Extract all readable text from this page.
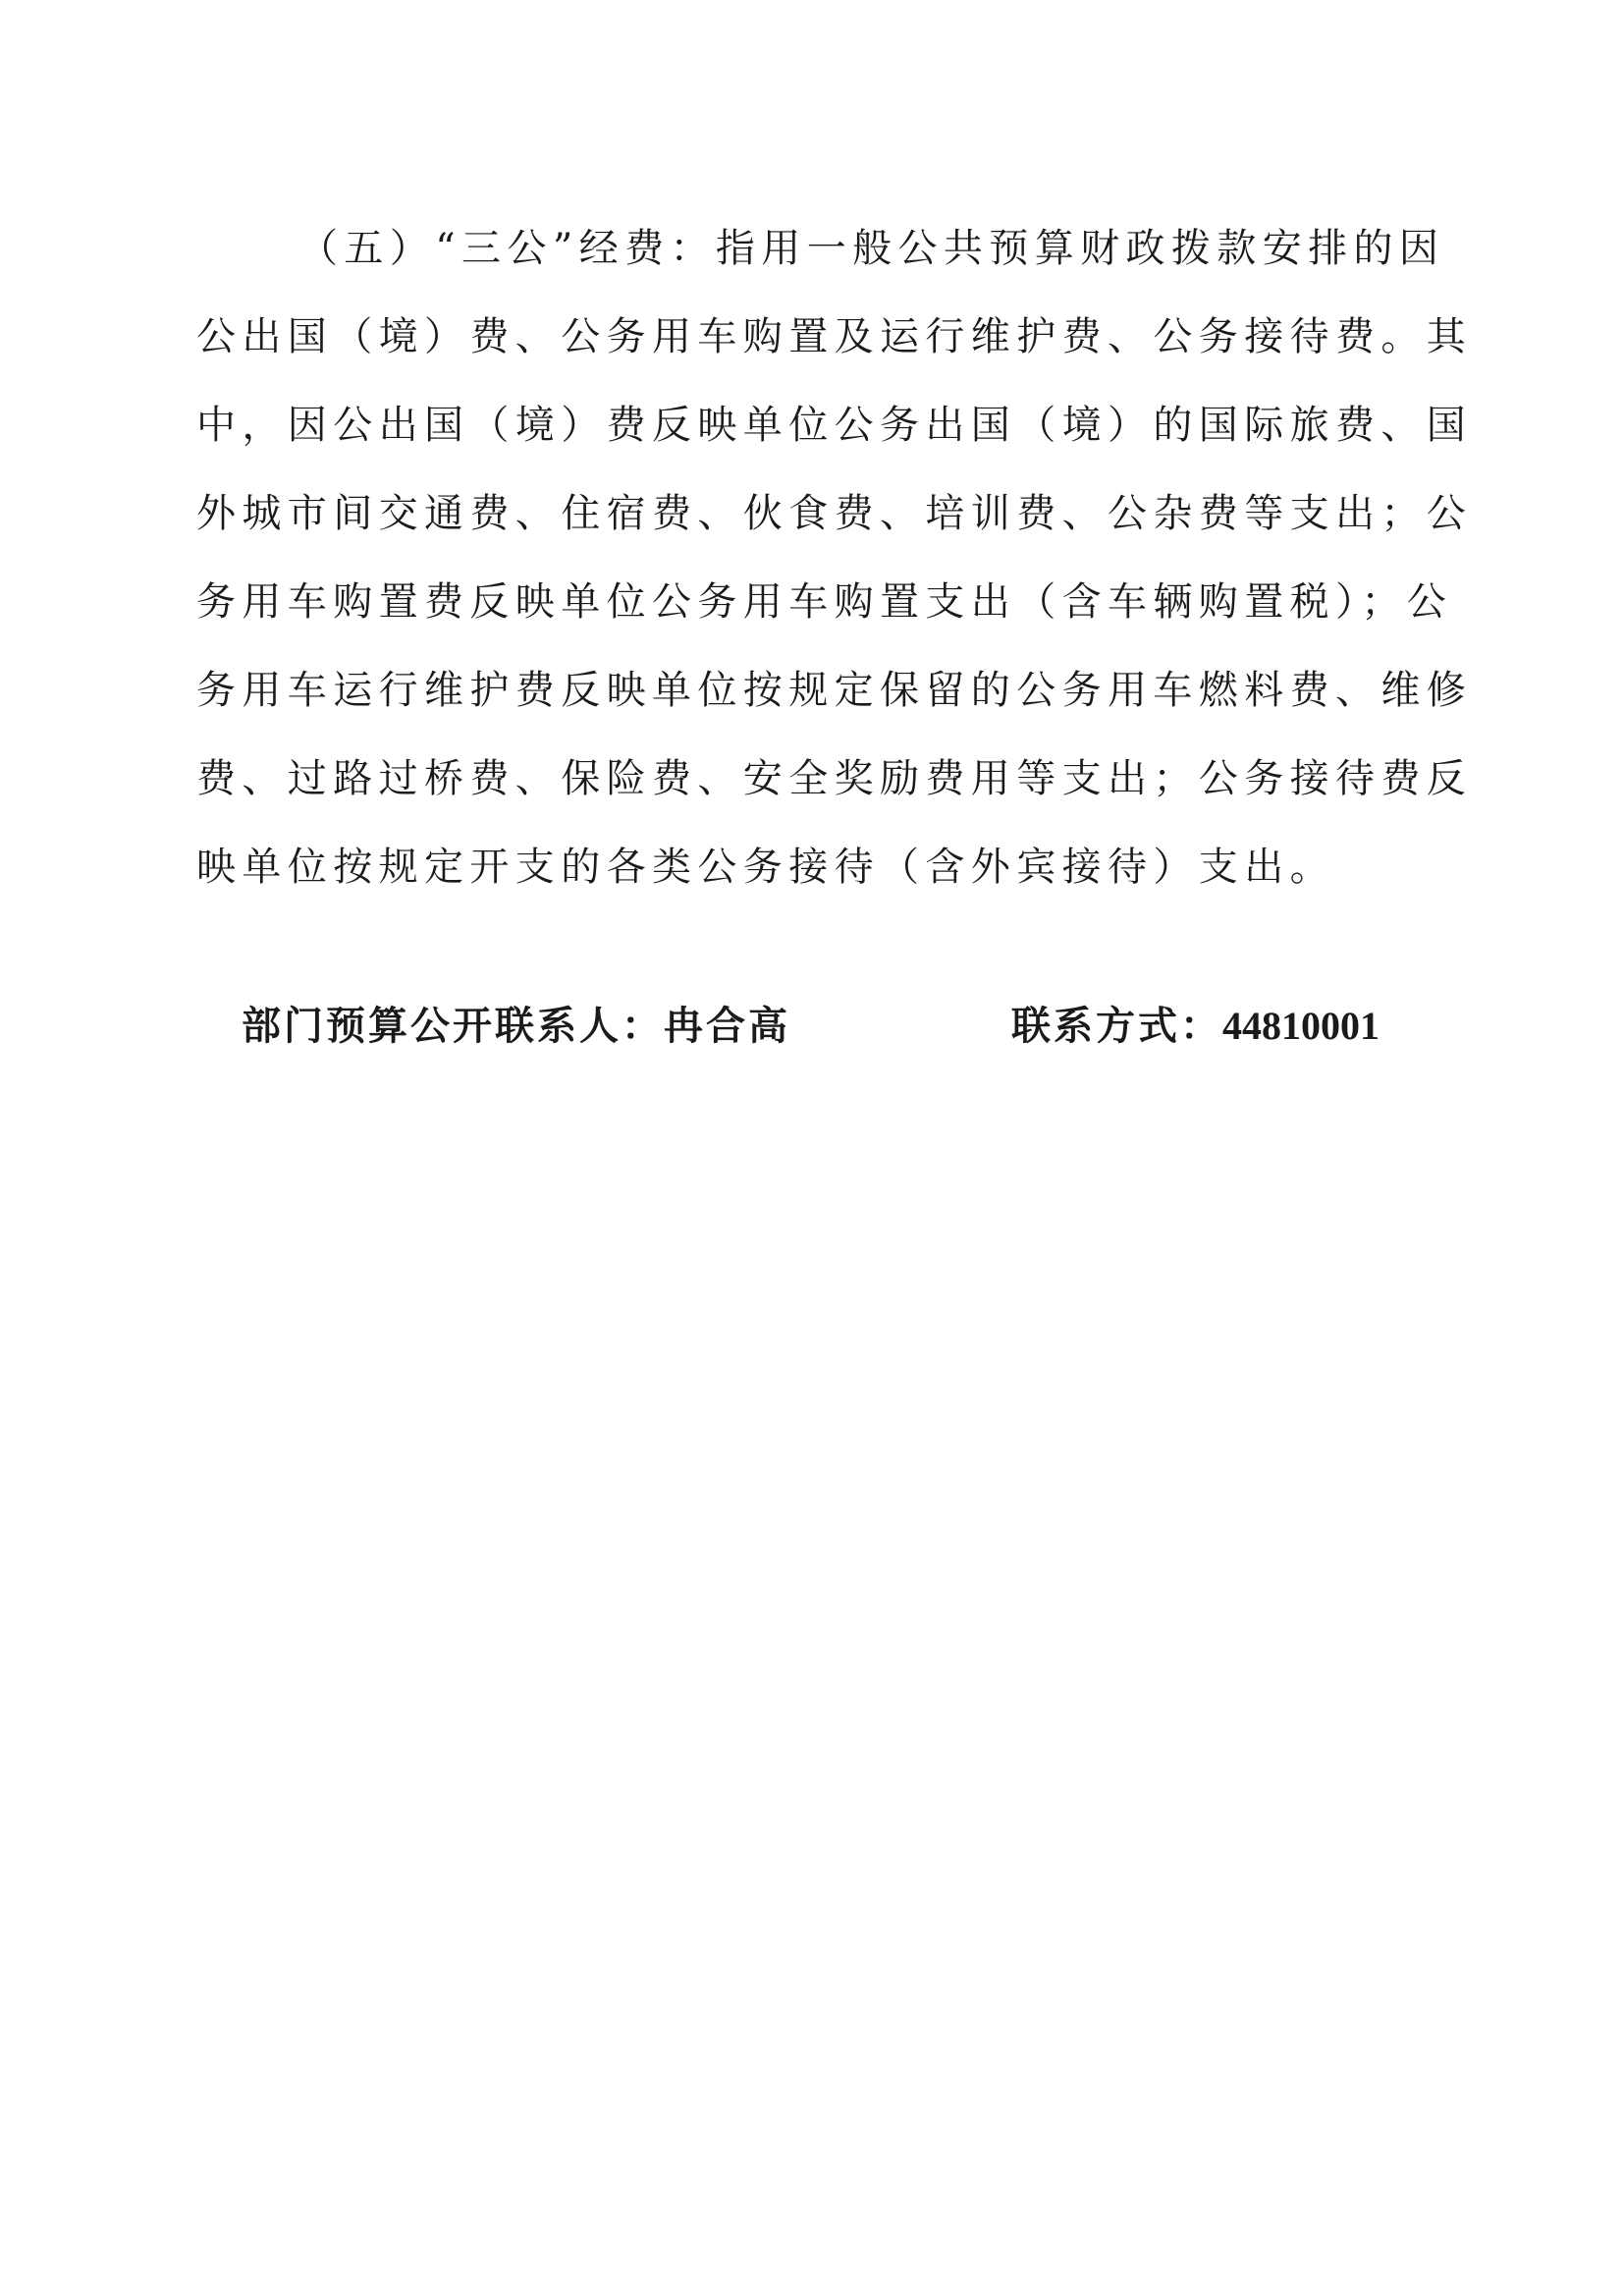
（五）“三公”经费：指用一般公共预算财政拨款安排的因
公出国（境）费、公务用车购置及运行维护费、公务接待费。其
中，因公出国（境）费反映单位公务出国（境）的国际旅费、国
外城市间交通费、住宿费、伙食费、培训费、公杂费等支出；公
务用车购置费反映单位公务用车购置支出（含车辆购置税）；公
务用车运行维护费反映单位按规定保留的公务用车燃料费、维修
费、过路过桥费、保险费、安全奖励费用等支出；公务接待费反
映单位按规定开支的各类公务接待（含外宾接待）支出。
部门预算公开联系人：冉合高	联系方式：44810001
